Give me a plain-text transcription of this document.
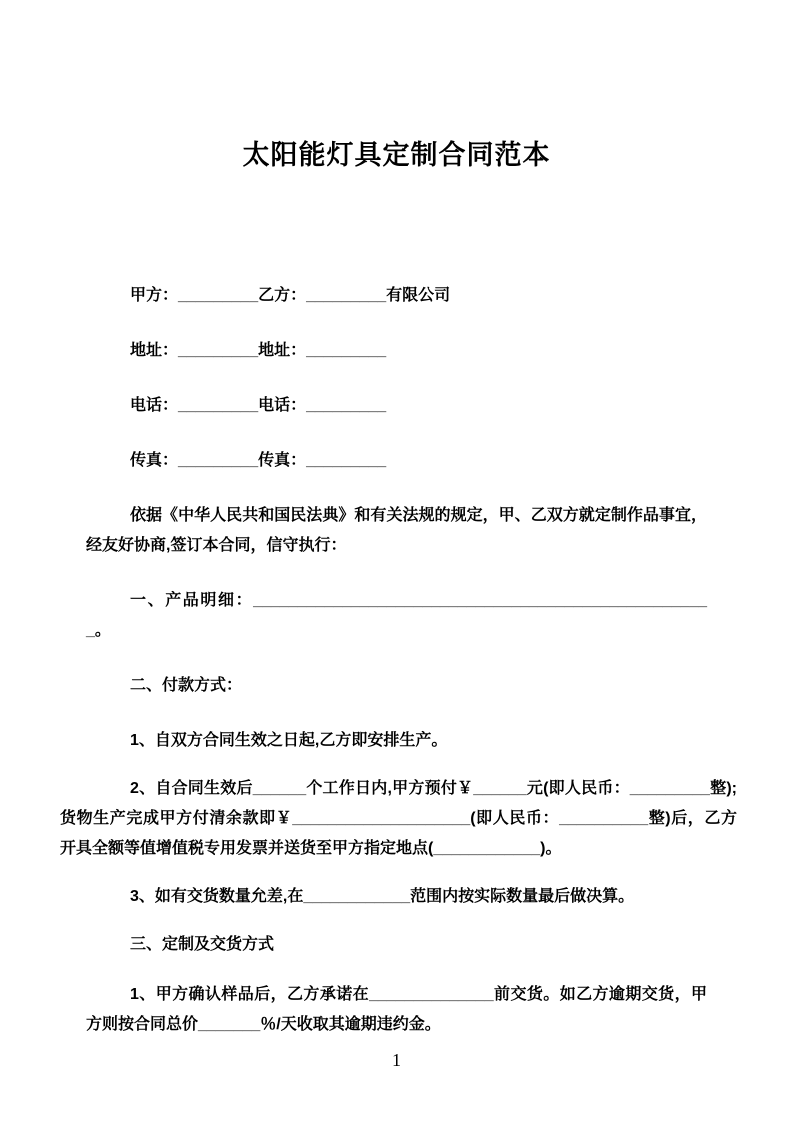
太阳能灯具定制合同范本

甲方：_________乙方：_________有限公司

地址：_________地址：_________

电话：_________电话：_________

传真：_________传真：_________

依据《中华人民共和国民法典》和有关法规的规定，甲、乙双方就定制作品事宜，经友好协商,签订本合同，信守执行：

一、产品明细：____________________________________________________。

二、付款方式：

1、自双方合同生效之日起,乙方即安排生产。

2、自合同生效后______个工作日内,甲方预付￥______元(即人民币：_________整);货物生产完成甲方付清余款即￥____________________(即人民币：__________整)后，乙方开具全额等值增值税专用发票并送货至甲方指定地点(____________)。

3、如有交货数量允差,在____________范围内按实际数量最后做决算。

三、定制及交货方式

1、甲方确认样品后，乙方承诺在______________前交货。如乙方逾期交货，甲方则按合同总价_______％/天收取其逾期违约金。

1
